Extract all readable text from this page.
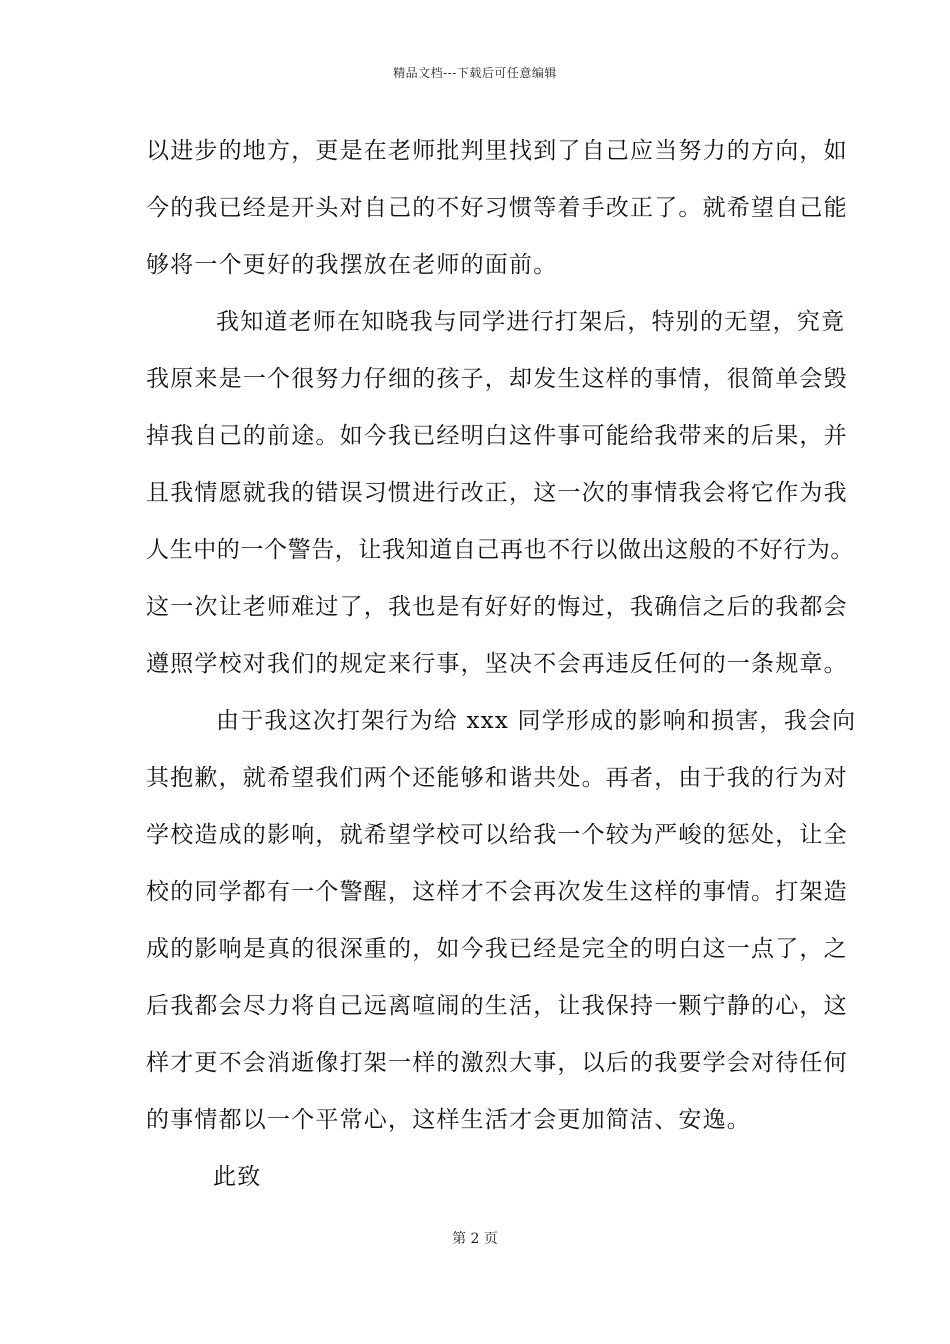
精品文档---下载后可任意编辑
以进步的地方，更是在老师批判里找到了自己应当努力的方向，如
今的我已经是开头对自己的不好习惯等着手改正了。就希望自己能
够将一个更好的我摆放在老师的面前。
我知道老师在知晓我与同学进行打架后，特别的无望，究竟
我原来是一个很努力仔细的孩子，却发生这样的事情，很简单会毁
掉我自己的前途。如今我已经明白这件事可能给我带来的后果，并
且我情愿就我的错误习惯进行改正，这一次的事情我会将它作为我
人生中的一个警告，让我知道自己再也不行以做出这般的不好行为。
这一次让老师难过了，我也是有好好的悔过，我确信之后的我都会
遵照学校对我们的规定来行事，坚决不会再违反任何的一条规章。
由于我这次打架行为给 xxx 同学形成的影响和损害，我会向
其抱歉，就希望我们两个还能够和谐共处。再者，由于我的行为对
学校造成的影响，就希望学校可以给我一个较为严峻的惩处，让全
校的同学都有一个警醒，这样才不会再次发生这样的事情。打架造
成的影响是真的很深重的，如今我已经是完全的明白这一点了，之
后我都会尽力将自己远离喧闹的生活，让我保持一颗宁静的心，这
样才更不会消逝像打架一样的激烈大事，以后的我要学会对待任何
的事情都以一个平常心，这样生活才会更加简洁、安逸。
此致
第 2 页
